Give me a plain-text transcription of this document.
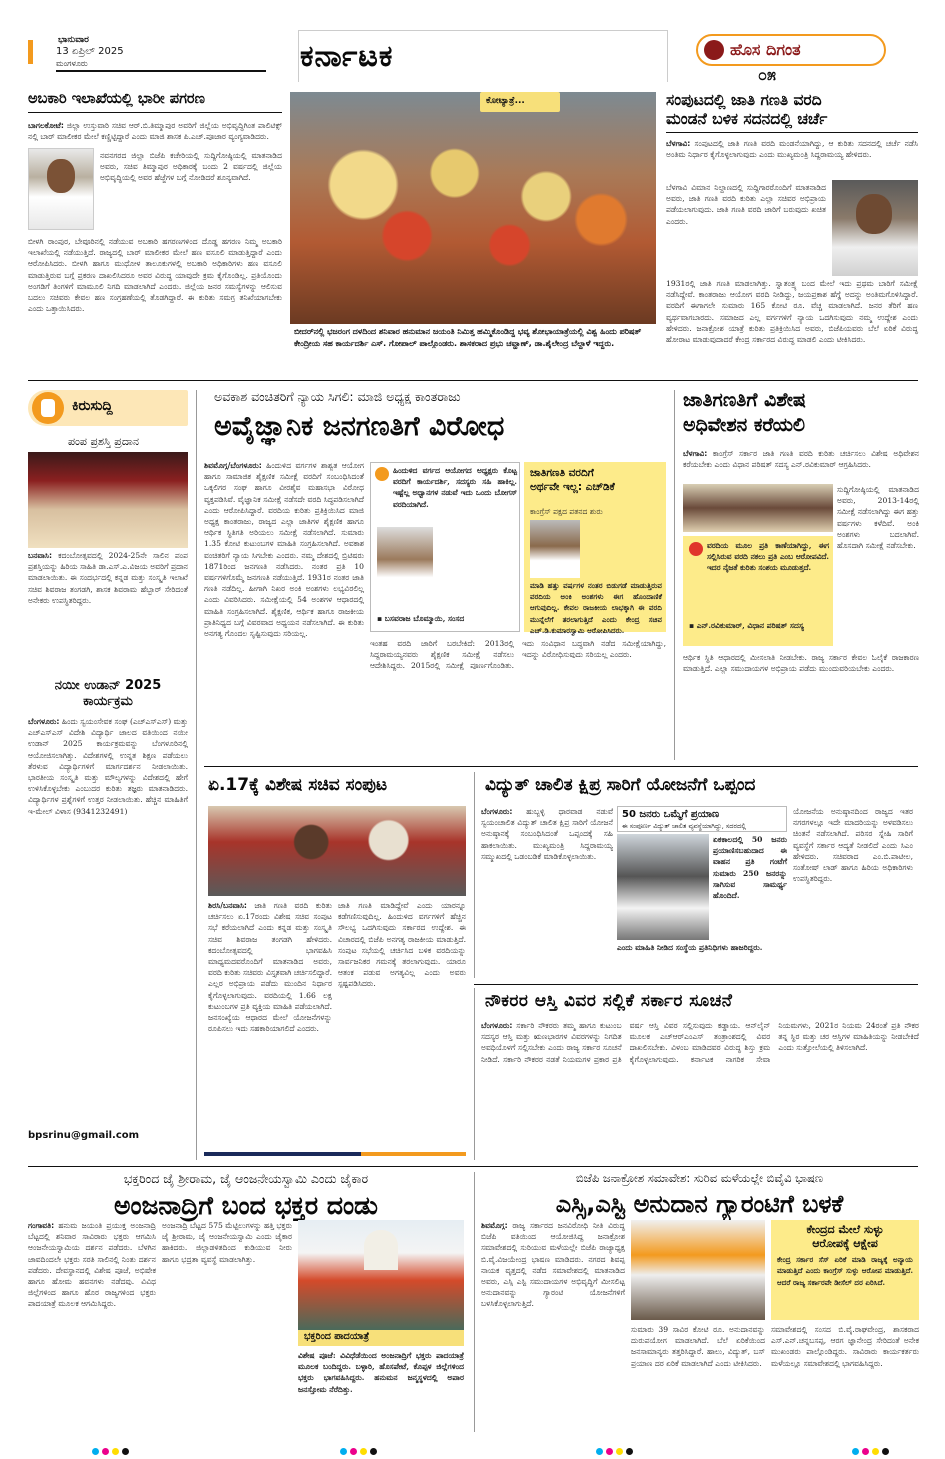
ಭಾನುವಾರ
13 ಏಪ್ರಿಲ್ 2025
ಮಂಗಳೂರು	ಕರ್ನಾಟಕ	ಹೊಸ ದಿಗಂತ
೦೫
ಅಬಕಾರಿ ಇಲಾಖೆಯಲ್ಲಿ ಭಾರೀ ಪಗರಣ
ಬಾಗಲಕೋಟೆ: ಜಿಲ್ಲಾ ಉಸ್ತುವಾರಿ ಸಚಿವ ಆರ್.ಬಿ.ತಿಮ್ಮಾಪುರ ಅವರಿಗೆ ಜಿಲ್ಲೆಯ ಅಭಿವೃದ್ಧಿಗಿಂತ ಪಾಲಿಟಿಕ್ಸ್ ನಲ್ಲಿ ಬಾರ್ ಮಾಲೀಕರ ಮೇಲೆ ಕಣ್ಣಿಟ್ಟಿದ್ದಾರೆ ಎಂದು ಮಾಜಿ ಶಾಸಕ ಪಿ.ಎಚ್.ಪೂಜಾರ ವ್ಯಂಗ್ಯವಾಡಿದರು.
ನವನಗರದ ಜಿಲ್ಲಾ ಬಿಜೆಪಿ ಕಚೇರಿಯಲ್ಲಿ ಸುದ್ದಿಗೋಷ್ಠಿಯಲ್ಲಿ ಮಾತನಾಡಿದ ಅವರು, ಸಚಿವ ತಿಮ್ಮಾಪುರ ಅಧಿಕಾರಕ್ಕೆ ಬಂದು 2 ವರ್ಷದಲ್ಲಿ ಜಿಲ್ಲೆಯ ಅಭಿವೃದ್ಧಿಯಲ್ಲಿ ಅವರ ಹೆಜ್ಜೆಗಳ ಬಗ್ಗೆ ನೋಡಿದರೆ ಶೂನ್ಯವಾಗಿದೆ.
ಬೀಳಗಿ ರಾಂಪುರ, ಬೇವೂರಿನಲ್ಲಿ ನಡೆಯುವ ಅಬಕಾರಿ ಹಗರಣಗಳಿಂದ ದೊಡ್ಡ ಹಗರಣ ನಿಮ್ಮ ಅಬಕಾರಿ ಇಲಾಖೆಯಲ್ಲಿ ನಡೆಯುತ್ತಿದೆ. ರಾಜ್ಯದಲ್ಲಿ ಬಾರ್ ಮಾಲೀಕರ ಮೇಲೆ ಹಣ ವಸೂಲಿ ಮಾಡುತ್ತಿದ್ದಾರೆ ಎಂದು ಆರೋಪಿಸಿದರು. ಬೀಳಗಿ ಹಾಗೂ ಮುಧೋಳ ತಾಲೂಕುಗಳಲ್ಲಿ ಅಬಕಾರಿ ಅಧಿಕಾರಿಗಳು ಹಣ ವಸೂಲಿ ಮಾಡುತ್ತಿರುವ ಬಗ್ಗೆ ಪ್ರಕರಣ ದಾಖಲಿಸಿದರೂ ಅವರ ವಿರುದ್ಧ ಯಾವುದೇ ಕ್ರಮ ಕೈಗೊಂಡಿಲ್ಲ. ಪ್ರತಿಯೊಂದು ಅಂಗಡಿಗೆ ತಿಂಗಳಿಗೆ ಮಾಮೂಲಿ ನಿಗದಿ ಮಾಡಲಾಗಿದೆ ಎಂದರು. ಜಿಲ್ಲೆಯ ಜನರ ಸಮಸ್ಯೆಗಳನ್ನು ಆಲಿಸುವ ಬದಲು ಸಚಿವರು ಕೇವಲ ಹಣ ಸಂಗ್ರಹಣೆಯಲ್ಲಿ ತೊಡಗಿದ್ದಾರೆ. ಈ ಕುರಿತು ಸಮಗ್ರ ತನಿಖೆಯಾಗಬೇಕು ಎಂದು ಒತ್ತಾಯಿಸಿದರು.
ಕೋಟ್ಯಾತ್ರೆ...
ಬೀದರ್‌ನಲ್ಲಿ ಭಜರಂಗ ದಳದಿಂದ ಶನಿವಾರ ಹನುಮಾನ ಜಯಂತಿ ನಿಮಿತ್ತ ಹಮ್ಮಿಕೊಂಡಿದ್ದ ಭವ್ಯ ಶೋಭಾಯಾತ್ರೆಯಲ್ಲಿ ವಿಶ್ವ ಹಿಂದು ಪರಿಷತ್ ಕೇಂದ್ರೀಯ ಸಹ ಕಾರ್ಯದರ್ಶಿ ಎಸ್. ಗೋಪಾಲ್ ಪಾಲ್ಗೊಂಡರು. ಶಾಸಕರಾದ ಪ್ರಭು ಚವ್ಹಾಣ್, ಡಾ.ಶೈಲೇಂದ್ರ ಬೆಲ್ದಾಳೆ ಇದ್ದರು.
ಸಂಪುಟದಲ್ಲಿ ಜಾತಿ ಗಣತಿ ವರದಿ
ಮಂಡನೆ ಬಳಿಕ ಸದನದಲ್ಲಿ ಚರ್ಚೆ
ಬೆಳಗಾವಿ: ಸಂಪುಟದಲ್ಲಿ ಜಾತಿ ಗಣತಿ ವರದಿ ಮಂಡನೆಯಾಗಿದ್ದು, ಆ ಕುರಿತು ಸದನದಲ್ಲಿ ಚರ್ಚೆ ನಡೆಸಿ ಅಂತಿಮ ನಿರ್ಧಾರ ಕೈಗೊಳ್ಳಲಾಗುವುದು ಎಂದು ಮುಖ್ಯಮಂತ್ರಿ ಸಿದ್ದರಾಮಯ್ಯ ಹೇಳಿದರು.
ಬೆಳಗಾವಿ ವಿಮಾನ ನಿಲ್ದಾಣದಲ್ಲಿ ಸುದ್ದಿಗಾರರೊಂದಿಗೆ ಮಾತನಾಡಿದ ಅವರು, ಜಾತಿ ಗಣತಿ ವರದಿ ಕುರಿತು ಎಲ್ಲಾ ಸಚಿವರ ಅಭಿಪ್ರಾಯ ಪಡೆಯಲಾಗುವುದು. ಜಾತಿ ಗಣತಿ ವರದಿ ಜಾರಿಗೆ ಬರುವುದು ಖಚಿತ ಎಂದರು.
1931ರಲ್ಲಿ ಜಾತಿ ಗಣತಿ ಮಾಡಲಾಗಿತ್ತು. ಸ್ವಾತಂತ್ರ್ಯ ಬಂದ ಮೇಲೆ ಇದು ಪ್ರಥಮ ಬಾರಿಗೆ ಸಮೀಕ್ಷೆ ನಡೆಸಿದ್ದೇವೆ. ಕಾಂತರಾಜು ಆಯೋಗ ವರದಿ ನೀಡಿದ್ದು, ಜಯಪ್ರಕಾಶ ಹೆಗ್ಡೆ ಅದನ್ನು ಅಂತಿಮಗೊಳಿಸಿದ್ದಾರೆ. ವರದಿಗೆ ಈಗಾಗಲೇ ಸುಮಾರು 165 ಕೋಟಿ ರೂ. ವೆಚ್ಚ ಮಾಡಲಾಗಿದೆ. ಜನರ ತೆರಿಗೆ ಹಣ ವ್ಯರ್ಥವಾಗಬಾರದು. ಸಮಾಜದ ಎಲ್ಲ ವರ್ಗಗಳಿಗೆ ನ್ಯಾಯ ಒದಗಿಸುವುದು ನಮ್ಮ ಉದ್ದೇಶ ಎಂದು ಹೇಳಿದರು. ಜನಾಕ್ರೋಶ ಯಾತ್ರೆ ಕುರಿತು ಪ್ರತಿಕ್ರಿಯಿಸಿದ ಅವರು, ಬಿಜೆಪಿಯವರು ಬೆಲೆ ಏರಿಕೆ ವಿರುದ್ಧ ಹೋರಾಟ ಮಾಡುವುದಾದರೆ ಕೇಂದ್ರ ಸರ್ಕಾರದ ವಿರುದ್ಧ ಮಾಡಲಿ ಎಂದು ಟೀಕಿಸಿದರು.
ಕಿರುಸುದ್ದಿ
ಪಂಪ ಪ್ರಶಸ್ತಿ ಪ್ರದಾನ
ಬನವಾಸಿ: ಕದಂಬೋತ್ಸವದಲ್ಲಿ 2024-25ನೇ ಸಾಲಿನ ಪಂಪ ಪ್ರಶಸ್ತಿಯನ್ನು ಹಿರಿಯ ಸಾಹಿತಿ ಡಾ.ಎಸ್.ಎ.ವಿಜಯ ಅವರಿಗೆ ಪ್ರದಾನ ಮಾಡಲಾಯಿತು. ಈ ಸಂದರ್ಭದಲ್ಲಿ ಕನ್ನಡ ಮತ್ತು ಸಂಸ್ಕೃತಿ ಇಲಾಖೆ ಸಚಿವ ಶಿವರಾಜ ತಂಗಡಗಿ, ಶಾಸಕ ಶಿವರಾಮ ಹೆಬ್ಬಾರ್ ಸೇರಿದಂತೆ ಅನೇಕರು ಉಪಸ್ಥಿತರಿದ್ದರು.
ನಯೀ ಉಡಾನ್ 2025 ಕಾರ್ಯಕ್ರಮ
ಬೆಂಗಳೂರು: ಹಿಂದು ಸ್ವಯಂಸೇವಕ ಸಂಘ (ಎಚ್ಎಸ್ಎಸ್) ಮತ್ತು ಎಚ್ಎಸ್ಎಸ್ ವಿದೇಶಿ ವಿದ್ಯಾರ್ಥಿ ಜಾಲದ ವತಿಯಿಂದ ನಯೀ ಉಡಾನ್ 2025 ಕಾರ್ಯಕ್ರಮವನ್ನು ಬೆಂಗಳೂರಿನಲ್ಲಿ ಆಯೋಜಿಸಲಾಗಿತ್ತು. ವಿದೇಶಗಳಲ್ಲಿ ಉನ್ನತ ಶಿಕ್ಷಣ ಪಡೆಯಲು ತೆರಳುವ ವಿದ್ಯಾರ್ಥಿಗಳಿಗೆ ಮಾರ್ಗದರ್ಶನ ನೀಡಲಾಯಿತು. ಭಾರತೀಯ ಸಂಸ್ಕೃತಿ ಮತ್ತು ಮೌಲ್ಯಗಳನ್ನು ವಿದೇಶದಲ್ಲಿ ಹೇಗೆ ಉಳಿಸಿಕೊಳ್ಳಬೇಕು ಎಂಬುದರ ಕುರಿತು ತಜ್ಞರು ಮಾತನಾಡಿದರು. ವಿದ್ಯಾರ್ಥಿಗಳ ಪ್ರಶ್ನೆಗಳಿಗೆ ಉತ್ತರ ನೀಡಲಾಯಿತು. ಹೆಚ್ಚಿನ ಮಾಹಿತಿಗೆ ಇ-ಮೇಲ್ ವಿಳಾಸ (9341232491)
bpsrinu@gmail.com
ಅವಕಾಶ ವಂಚಿತರಿಗೆ ನ್ಯಾಯ ಸಿಗಲಿ: ಮಾಜಿ ಅಧ್ಯಕ್ಷ ಕಾಂತರಾಜು
ಅವೈಜ್ಞಾನಿಕ ಜನಗಣತಿಗೆ ವಿರೋಧ
ಶಿವಮೊಗ್ಗ/ಬೆಂಗಳೂರು: ಹಿಂದುಳಿದ ವರ್ಗಗಳ ಶಾಶ್ವತ ಆಯೋಗ ಹಾಗೂ ಸಾಮಾಜಿಕ ಶೈಕ್ಷಣಿಕ ಸಮೀಕ್ಷೆ ವರದಿಗೆ ಸಂಬಂಧಿಸಿದಂತೆ ಒಕ್ಕಲಿಗರ ಸಂಘ ಹಾಗೂ ವೀರಶೈವ ಮಹಾಸಭಾ ವಿರೋಧ ವ್ಯಕ್ತಪಡಿಸಿವೆ. ವೈಜ್ಞಾನಿಕ ಸಮೀಕ್ಷೆ ನಡೆಸದೇ ವರದಿ ಸಿದ್ಧಪಡಿಸಲಾಗಿದೆ ಎಂದು ಆರೋಪಿಸಿದ್ದಾರೆ. ವರದಿಯ ಕುರಿತು ಪ್ರತಿಕ್ರಿಯಿಸಿದ ಮಾಜಿ ಅಧ್ಯಕ್ಷ ಕಾಂತರಾಜು, ರಾಜ್ಯದ ಎಲ್ಲಾ ಜಾತಿಗಳ ಶೈಕ್ಷಣಿಕ ಹಾಗೂ ಆರ್ಥಿಕ ಸ್ಥಿತಿಗತಿ ಅರಿಯಲು ಸಮೀಕ್ಷೆ ನಡೆಸಲಾಗಿದೆ. ಸುಮಾರು 1.35 ಕೋಟಿ ಕುಟುಂಬಗಳ ಮಾಹಿತಿ ಸಂಗ್ರಹಿಸಲಾಗಿದೆ. ಅವಕಾಶ ವಂಚಿತರಿಗೆ ನ್ಯಾಯ ಸಿಗಬೇಕು ಎಂದರು. ನಮ್ಮ ದೇಶದಲ್ಲಿ ಬ್ರಿಟಿಷರು 1871ರಿಂದ ಜನಗಣತಿ ನಡೆಸಿದರು. ನಂತರ ಪ್ರತಿ 10 ವರ್ಷಗಳಿಗೊಮ್ಮೆ ಜನಗಣತಿ ನಡೆಯುತ್ತಿದೆ. 1931ರ ನಂತರ ಜಾತಿ ಗಣತಿ ನಡೆದಿಲ್ಲ. ಹೀಗಾಗಿ ನಿಖರ ಅಂಕಿ ಅಂಶಗಳು ಲಭ್ಯವಿರಲಿಲ್ಲ ಎಂದು ವಿವರಿಸಿದರು. ಸಮೀಕ್ಷೆಯಲ್ಲಿ 54 ಅಂಶಗಳ ಆಧಾರದಲ್ಲಿ ಮಾಹಿತಿ ಸಂಗ್ರಹಿಸಲಾಗಿದೆ. ಶೈಕ್ಷಣಿಕ, ಆರ್ಥಿಕ ಹಾಗೂ ರಾಜಕೀಯ ಪ್ರಾತಿನಿಧ್ಯದ ಬಗ್ಗೆ ವಿವರವಾದ ಅಧ್ಯಯನ ನಡೆಸಲಾಗಿದೆ. ಈ ಕುರಿತು ಅನಗತ್ಯ ಗೊಂದಲ ಸೃಷ್ಟಿಸುವುದು ಸರಿಯಲ್ಲ.
ಹಿಂದುಳಿದ ವರ್ಗದ ಆಯೋಗದ ಅಧ್ಯಕ್ಷರು ಕೊಟ್ಟ ವರದಿಗೆ ಕಾರ್ಯದರ್ಶಿ, ಸದಸ್ಯರು ಸಹಿ ಹಾಕಿಲ್ಲ. ಇಷ್ಟೆಲ್ಲ ಅಧ್ವಾನಗಳ ನಡುವೆ ಇದು ಒಂದು ಬೋಗಸ್ ವರದಿಯಾಗಿದೆ.
▪ ಬಸವರಾಜ ಬೊಮ್ಮಾಯಿ, ಸಂಸದ
ಜಾತಿಗಣತಿ ವರದಿಗೆ
ಅರ್ಥವೇ ಇಲ್ಲ: ಎಚ್‌ಡಿಕೆ
ಕಾಂಗ್ರೆಸ್ ಪಕ್ಷದ ಪತನದ ಶುರು
ಮಾಡಿ ಹತ್ತು ವರ್ಷಗಳ ನಂತರ ಬಿಡುಗಡೆ ಮಾಡುತ್ತಿರುವ ವರದಿಯ ಅಂಕಿ ಅಂಶಗಳು ಈಗ ಹೊಂದಾಣಿಕೆ ಆಗುವುದಿಲ್ಲ. ಕೇವಲ ರಾಜಕೀಯ ಲಾಭಕ್ಕಾಗಿ ಈ ವರದಿ ಮುನ್ನೆಲೆಗೆ ತರಲಾಗುತ್ತಿದೆ ಎಂದು ಕೇಂದ್ರ ಸಚಿವ ಎಚ್.ಡಿ.ಕುಮಾರಸ್ವಾಮಿ ಆರೋಪಿಸಿದರು.
ಇಂತಹ ವರದಿ ಜಾರಿಗೆ ಬರಬೇಕಿದೆ: 2013ರಲ್ಲಿ ಸಿದ್ದರಾಮಯ್ಯನವರು ಶೈಕ್ಷಣಿಕ ಸಮೀಕ್ಷೆ ನಡೆಸಲು ಆದೇಶಿಸಿದ್ದರು. 2015ರಲ್ಲಿ ಸಮೀಕ್ಷೆ ಪೂರ್ಣಗೊಂಡಿತು. ಇದು ಸಂವಿಧಾನ ಬದ್ಧವಾಗಿ ನಡೆದ ಸಮೀಕ್ಷೆಯಾಗಿದ್ದು, ಇದನ್ನು ವಿರೋಧಿಸುವುದು ಸರಿಯಲ್ಲ ಎಂದರು.
ಜಾತಿಗಣತಿಗೆ ವಿಶೇಷ
ಅಧಿವೇಶನ ಕರೆಯಲಿ
ಬೆಳಗಾವಿ: ಕಾಂಗ್ರೆಸ್ ಸರ್ಕಾರ ಜಾತಿ ಗಣತಿ ವರದಿ ಕುರಿತು ಚರ್ಚಿಸಲು ವಿಶೇಷ ಅಧಿವೇಶನ ಕರೆಯಬೇಕು ಎಂದು ವಿಧಾನ ಪರಿಷತ್ ಸದಸ್ಯ ಎನ್.ರವಿಕುಮಾರ್ ಆಗ್ರಹಿಸಿದರು.
ಸುದ್ದಿಗೋಷ್ಠಿಯಲ್ಲಿ ಮಾತನಾಡಿದ ಅವರು, 2013-14ರಲ್ಲಿ ಸಮೀಕ್ಷೆ ನಡೆಸಲಾಗಿದ್ದು ಈಗ ಹತ್ತು ವರ್ಷಗಳು ಕಳೆದಿವೆ. ಅಂಕಿ ಅಂಶಗಳು ಬದಲಾಗಿವೆ. ಹೊಸದಾಗಿ ಸಮೀಕ್ಷೆ ನಡೆಸಬೇಕು.
ವರದಿಯ ಮೂಲ ಪ್ರತಿ ಕಾಣೆಯಾಗಿದ್ದು, ಈಗ ಸಲ್ಲಿಸಿರುವ ವರದಿ ನಕಲು ಪ್ರತಿ ಎಂಬ ಆರೋಪವಿದೆ. ಇದರ ನೈಜತೆ ಕುರಿತು ಸಂಶಯ ಮೂಡುತ್ತದೆ.
▪ ಎನ್.ರವಿಕುಮಾರ್, ವಿಧಾನ ಪರಿಷತ್ ಸದಸ್ಯ
ಆರ್ಥಿಕ ಸ್ಥಿತಿ ಆಧಾರದಲ್ಲಿ ಮೀಸಲಾತಿ ನೀಡಬೇಕು. ರಾಜ್ಯ ಸರ್ಕಾರ ಕೇವಲ ಓಲೈಕೆ ರಾಜಕಾರಣ ಮಾಡುತ್ತಿದೆ. ಎಲ್ಲಾ ಸಮುದಾಯಗಳ ಅಭಿಪ್ರಾಯ ಪಡೆದು ಮುಂದುವರಿಯಬೇಕು ಎಂದರು.
ಏ.17ಕ್ಕೆ ವಿಶೇಷ ಸಚಿವ ಸಂಪುಟ
ಶಿರಸಿ/ಬನವಾಸಿ: ಜಾತಿ ಗಣತಿ ವರದಿ ಕುರಿತು ಚರ್ಚಿಸಲು ಏ.17ರಂದು ವಿಶೇಷ ಸಚಿವ ಸಂಪುಟ ಸಭೆ ಕರೆಯಲಾಗಿದೆ ಎಂದು ಕನ್ನಡ ಮತ್ತು ಸಂಸ್ಕೃತಿ ಸಚಿವ ಶಿವರಾಜ ತಂಗಡಗಿ ಹೇಳಿದರು. ಕದಂಬೋತ್ಸವದಲ್ಲಿ ಭಾಗವಹಿಸಿ ಮಾಧ್ಯಮದವರೊಂದಿಗೆ ಮಾತನಾಡಿದ ಅವರು, ವರದಿ ಕುರಿತು ಸಚಿವರು ವಿಸ್ತೃತವಾಗಿ ಚರ್ಚಿಸಲಿದ್ದಾರೆ. ಎಲ್ಲರ ಅಭಿಪ್ರಾಯ ಪಡೆದು ಮುಂದಿನ ನಿರ್ಧಾರ ಕೈಗೊಳ್ಳಲಾಗುವುದು. ವರದಿಯಲ್ಲಿ 1.66 ಲಕ್ಷ ಕುಟುಂಬಗಳ ಪ್ರತಿ ವ್ಯಕ್ತಿಯ ಮಾಹಿತಿ ಪಡೆಯಲಾಗಿದೆ. ಜನಸಂಖ್ಯೆಯ ಆಧಾರದ ಮೇಲೆ ಯೋಜನೆಗಳನ್ನು ರೂಪಿಸಲು ಇದು ಸಹಕಾರಿಯಾಗಲಿದೆ ಎಂದರು.
ಜಾತಿ ಗಣತಿ ಮಾಡಿದ್ದೇವೆ ಎಂದು ಯಾರನ್ನೂ ಕಡೆಗಣಿಸುವುದಿಲ್ಲ. ಹಿಂದುಳಿದ ವರ್ಗಗಳಿಗೆ ಹೆಚ್ಚಿನ ಸೌಲಭ್ಯ ಒದಗಿಸುವುದು ಸರ್ಕಾರದ ಉದ್ದೇಶ. ಈ ವಿಚಾರದಲ್ಲಿ ಬಿಜೆಪಿ ಅನಗತ್ಯ ರಾಜಕೀಯ ಮಾಡುತ್ತಿದೆ. ಸಂಪುಟ ಸಭೆಯಲ್ಲಿ ಚರ್ಚಿಸಿದ ಬಳಿಕ ವರದಿಯನ್ನು ಸಾರ್ವಜನಿಕರ ಗಮನಕ್ಕೆ ತರಲಾಗುವುದು. ಯಾರೂ ಆತಂಕ ಪಡುವ ಅಗತ್ಯವಿಲ್ಲ ಎಂದು ಅವರು ಸ್ಪಷ್ಟಪಡಿಸಿದರು.
ವಿದ್ಯುತ್ ಚಾಲಿತ ಕ್ಷಿಪ್ರ ಸಾರಿಗೆ ಯೋಜನೆಗೆ ಒಪ್ಪಂದ
ಬೆಂಗಳೂರು: ಹುಬ್ಬಳ್ಳಿ ಧಾರವಾಡ ನಡುವೆ ಸ್ವಯಂಚಾಲಿತ ವಿದ್ಯುತ್ ಚಾಲಿತ ಕ್ಷಿಪ್ರ ಸಾರಿಗೆ ಯೋಜನೆ ಅನುಷ್ಠಾನಕ್ಕೆ ಸಂಬಂಧಿಸಿದಂತೆ ಒಪ್ಪಂದಕ್ಕೆ ಸಹಿ ಹಾಕಲಾಯಿತು. ಮುಖ್ಯಮಂತ್ರಿ ಸಿದ್ದರಾಮಯ್ಯ ಸಮ್ಮುಖದಲ್ಲಿ ಒಡಂಬಡಿಕೆ ಮಾಡಿಕೊಳ್ಳಲಾಯಿತು.
50 ಜನರು ಒಮ್ಮೆಗೆ ಪ್ರಯಾಣ
ಈ ಸಂಪೂರ್ಣ ವಿದ್ಯುತ್ ಚಾಲಿತ ವ್ಯವಸ್ಥೆಯಾಗಿದ್ದು, ಸದರದಲ್ಲಿ
ಏಕಕಾಲದಲ್ಲಿ 50 ಜನರು ಪ್ರಯಾಣಿಸಬಹುದಾದ ಈ ವಾಹನ ಪ್ರತಿ ಗಂಟೆಗೆ ಸುಮಾರು 250 ಜನರನ್ನು ಸಾಗಿಸುವ ಸಾಮರ್ಥ್ಯ ಹೊಂದಿದೆ.
ಎಂದು ಮಾಹಿತಿ ನೀಡಿದ ಸಂಸ್ಥೆಯ ಪ್ರತಿನಿಧಿಗಳು ಹಾಜರಿದ್ದರು.
ಯೋಜನೆಯ ಅನುಷ್ಠಾನದಿಂದ ರಾಜ್ಯದ ಇತರ ನಗರಗಳಲ್ಲೂ ಇದೇ ಮಾದರಿಯನ್ನು ಅಳವಡಿಸಲು ಚಿಂತನೆ ನಡೆಸಲಾಗಿದೆ. ಪರಿಸರ ಸ್ನೇಹಿ ಸಾರಿಗೆ ವ್ಯವಸ್ಥೆಗೆ ಸರ್ಕಾರ ಆದ್ಯತೆ ನೀಡಲಿದೆ ಎಂದು ಸಿಎಂ ಹೇಳಿದರು. ಸಚಿವರಾದ ಎಂ.ಬಿ.ಪಾಟೀಲ, ಸಂತೋಷ್ ಲಾಡ್ ಹಾಗೂ ಹಿರಿಯ ಅಧಿಕಾರಿಗಳು ಉಪಸ್ಥಿತರಿದ್ದರು.
ನೌಕರರ ಆಸ್ತಿ ವಿವರ ಸಲ್ಲಿಕೆ ಸರ್ಕಾರ ಸೂಚನೆ
ಬೆಂಗಳೂರು: ಸರ್ಕಾರಿ ನೌಕರರು ತಮ್ಮ ಹಾಗೂ ಕುಟುಂಬ ಸದಸ್ಯರ ಆಸ್ತಿ ಮತ್ತು ಋಣಭಾರಗಳ ವಿವರಗಳನ್ನು ನಿಗದಿತ ಅವಧಿಯೊಳಗೆ ಸಲ್ಲಿಸಬೇಕು ಎಂದು ರಾಜ್ಯ ಸರ್ಕಾರ ಸೂಚನೆ ನೀಡಿದೆ. ಸರ್ಕಾರಿ ನೌಕರರ ನಡತೆ ನಿಯಮಗಳ ಪ್ರಕಾರ ಪ್ರತಿ ವರ್ಷ ಆಸ್ತಿ ವಿವರ ಸಲ್ಲಿಸುವುದು ಕಡ್ಡಾಯ. ಆನ್‌ಲೈನ್ ಮೂಲಕ ಎಚ್‌ಆರ್‌ಎಂಎಸ್ ತಂತ್ರಾಂಶದಲ್ಲಿ ವಿವರ ದಾಖಲಿಸಬೇಕು. ವಿಳಂಬ ಮಾಡಿದವರ ವಿರುದ್ಧ ಶಿಸ್ತು ಕ್ರಮ ಕೈಗೊಳ್ಳಲಾಗುವುದು. ಕರ್ನಾಟಕ ನಾಗರಿಕ ಸೇವಾ ನಿಯಮಗಳು, 2021ರ ನಿಯಮ 24ರಂತೆ ಪ್ರತಿ ನೌಕರ ತನ್ನ ಸ್ಥಿರ ಮತ್ತು ಚರ ಆಸ್ತಿಗಳ ಮಾಹಿತಿಯನ್ನು ನೀಡಬೇಕಿದೆ ಎಂದು ಸುತ್ತೋಲೆಯಲ್ಲಿ ತಿಳಿಸಲಾಗಿದೆ.
ಭಕ್ತರಿಂದ ಜೈ ಶ್ರೀರಾಮ, ಜೈ ಆಂಜನೇಯಸ್ವಾಮಿ ಎಂದು ಜೈಕಾರ
ಅಂಜನಾದ್ರಿಗೆ ಬಂದ ಭಕ್ತರ ದಂಡು
ಗಂಗಾವತಿ: ಹನುಮ ಜಯಂತಿ ಪ್ರಯುಕ್ತ ಅಂಜನಾದ್ರಿ ಬೆಟ್ಟದಲ್ಲಿ ಶನಿವಾರ ಸಾವಿರಾರು ಭಕ್ತರು ಆಗಮಿಸಿ ಆಂಜನೇಯಸ್ವಾಮಿಯ ದರ್ಶನ ಪಡೆದರು. ಬೆಳಗಿನ ಜಾವದಿಂದಲೇ ಭಕ್ತರು ಸರತಿ ಸಾಲಿನಲ್ಲಿ ನಿಂತು ದರ್ಶನ ಪಡೆದರು. ದೇವಸ್ಥಾನದಲ್ಲಿ ವಿಶೇಷ ಪೂಜೆ, ಅಭಿಷೇಕ ಹಾಗೂ ಹೋಮ ಹವನಗಳು ನಡೆದವು. ವಿವಿಧ ಜಿಲ್ಲೆಗಳಿಂದ ಹಾಗೂ ಹೊರ ರಾಜ್ಯಗಳಿಂದ ಭಕ್ತರು ಪಾದಯಾತ್ರೆ ಮೂಲಕ ಆಗಮಿಸಿದ್ದರು.
ಅಂಜನಾದ್ರಿ ಬೆಟ್ಟದ 575 ಮೆಟ್ಟಿಲುಗಳನ್ನು ಹತ್ತಿ ಭಕ್ತರು ಜೈ ಶ್ರೀರಾಮ, ಜೈ ಆಂಜನೇಯಸ್ವಾಮಿ ಎಂದು ಜೈಕಾರ ಹಾಕಿದರು. ಜಿಲ್ಲಾಡಳಿತದಿಂದ ಕುಡಿಯುವ ನೀರು ಹಾಗೂ ಭದ್ರತಾ ವ್ಯವಸ್ಥೆ ಮಾಡಲಾಗಿತ್ತು.
ಭಕ್ತರಿಂದ ಪಾದಯಾತ್ರೆ
ವಿಶೇಷ ಪೂಜೆ: ವಿವಿಧೆಡೆಯಿಂದ ಅಂಜನಾದ್ರಿಗೆ ಭಕ್ತರು ಪಾದಯಾತ್ರೆ ಮೂಲಕ ಬಂದಿದ್ದರು. ಬಳ್ಳಾರಿ, ಹೊಸಪೇಟೆ, ಕೊಪ್ಪಳ ಜಿಲ್ಲೆಗಳಿಂದ ಭಕ್ತರು ಭಾಗವಹಿಸಿದ್ದರು. ಹನುಮನ ಜನ್ಮಸ್ಥಳದಲ್ಲಿ ಅಪಾರ ಜನಸ್ತೋಮ ನೆರೆದಿತ್ತು.
ಬಿಜೆಪಿ ಜನಾಕ್ರೋಶ ಸಮಾವೇಶ: ಸುರಿವ ಮಳೆಯಲ್ಲೇ ಬಿವೈವಿ ಭಾಷಣ
ಎಸ್ಸಿ,ಎಸ್ಟಿ ಅನುದಾನ ಗ್ಯಾರಂಟಿಗೆ ಬಳಕೆ
ಶಿವಮೊಗ್ಗ: ರಾಜ್ಯ ಸರ್ಕಾರದ ಜನವಿರೋಧಿ ನೀತಿ ವಿರುದ್ಧ ಬಿಜೆಪಿ ವತಿಯಿಂದ ಆಯೋಜಿಸಿದ್ದ ಜನಾಕ್ರೋಶ ಸಮಾವೇಶದಲ್ಲಿ ಸುರಿಯುವ ಮಳೆಯಲ್ಲೇ ಬಿಜೆಪಿ ರಾಜ್ಯಾಧ್ಯಕ್ಷ ಬಿ.ವೈ.ವಿಜಯೇಂದ್ರ ಭಾಷಣ ಮಾಡಿದರು. ನಗರದ ಶಿವಪ್ಪ ನಾಯಕ ವೃತ್ತದಲ್ಲಿ ನಡೆದ ಸಮಾವೇಶದಲ್ಲಿ ಮಾತನಾಡಿದ ಅವರು, ಎಸ್ಸಿ ಎಸ್ಟಿ ಸಮುದಾಯಗಳ ಅಭಿವೃದ್ಧಿಗೆ ಮೀಸಲಿಟ್ಟ ಅನುದಾನವನ್ನು ಗ್ಯಾರಂಟಿ ಯೋಜನೆಗಳಿಗೆ ಬಳಸಿಕೊಳ್ಳಲಾಗುತ್ತಿದೆ.
ಸುಮಾರು 39 ಸಾವಿರ ಕೋಟಿ ರೂ. ಅನುದಾನವನ್ನು ದುರುಪಯೋಗ ಮಾಡಲಾಗಿದೆ. ಬೆಲೆ ಏರಿಕೆಯಿಂದ ಜನಸಾಮಾನ್ಯರು ತತ್ತರಿಸಿದ್ದಾರೆ. ಹಾಲು, ವಿದ್ಯುತ್, ಬಸ್ ಪ್ರಯಾಣ ದರ ಏರಿಕೆ ಮಾಡಲಾಗಿದೆ ಎಂದು ಟೀಕಿಸಿದರು.
ಕೇಂದ್ರದ ಮೇಲೆ ಸುಳ್ಳು
ಆರೋಪಕ್ಕೆ ಆಕ್ಷೇಪ
ಕೇಂದ್ರ ಸರ್ಕಾರ ಸೆಸ್ ಏರಿಕೆ ಮಾಡಿ ರಾಜ್ಯಕ್ಕೆ ಅನ್ಯಾಯ ಮಾಡುತ್ತಿದೆ ಎಂದು ಕಾಂಗ್ರೆಸ್ ಸುಳ್ಳು ಆರೋಪ ಮಾಡುತ್ತಿದೆ. ಆದರೆ ರಾಜ್ಯ ಸರ್ಕಾರವೇ ಡೀಸೆಲ್ ದರ ಏರಿಸಿದೆ.
ಸಮಾವೇಶದಲ್ಲಿ ಸಂಸದ ಬಿ.ವೈ.ರಾಘವೇಂದ್ರ, ಶಾಸಕರಾದ ಎಸ್.ಎನ್.ಚನ್ನಬಸಪ್ಪ, ಆರಗ ಜ್ಞಾನೇಂದ್ರ ಸೇರಿದಂತೆ ಅನೇಕ ಮುಖಂಡರು ಪಾಲ್ಗೊಂಡಿದ್ದರು. ಸಾವಿರಾರು ಕಾರ್ಯಕರ್ತರು ಮಳೆಯಲ್ಲೂ ಸಮಾವೇಶದಲ್ಲಿ ಭಾಗವಹಿಸಿದ್ದರು.
